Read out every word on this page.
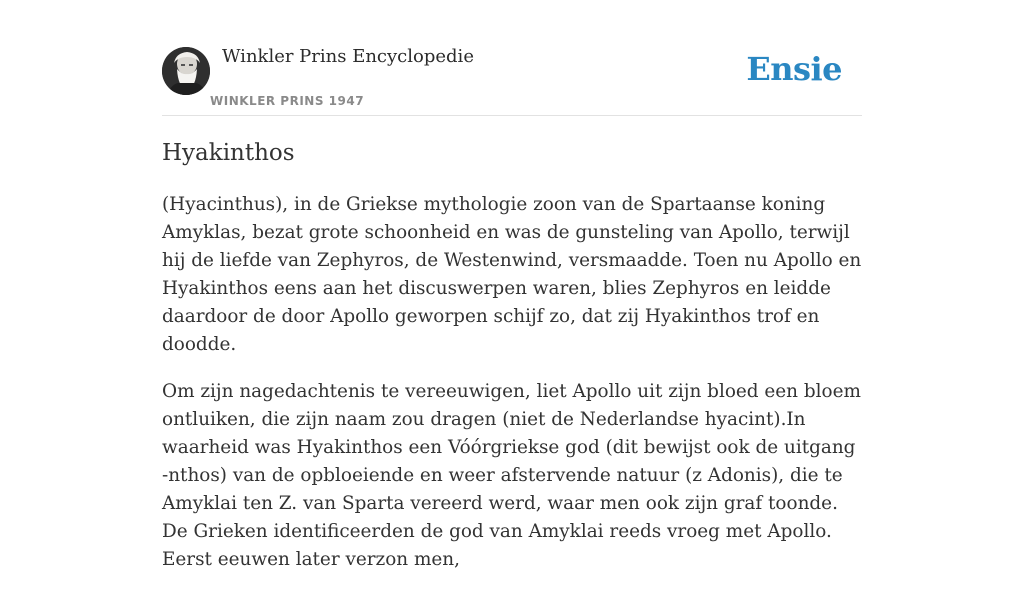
Winkler Prins Encyclopedie
WINKLER PRINS 1947
Ensie
Hyakinthos

(Hyacinthus), in de Griekse mythologie zoon van de Spartaanse koning Amyklas, bezat grote schoonheid en was de gunsteling van Apollo, terwijl hij de liefde van Zephyros, de Westenwind, versmaadde. Toen nu Apollo en Hyakinthos eens aan het discuswerpen waren, blies Zephyros en leidde daardoor de door Apollo geworpen schijf zo, dat zij Hyakinthos trof en doodde.

Om zijn nagedachtenis te vereeuwigen, liet Apollo uit zijn bloed een bloem ontluiken, die zijn naam zou dragen (niet de Nederlandse hyacint).In waarheid was Hyakinthos een Vóórgriekse god (dit bewijst ook de uitgang -nthos) van de opbloeiende en weer afstervende natuur (z Adonis), die te Amyklai ten Z. van Sparta vereerd werd, waar men ook zijn graf toonde. De Grieken identificeerden de god van Amyklai reeds vroeg met Apollo. Eerst eeuwen later verzon men,
